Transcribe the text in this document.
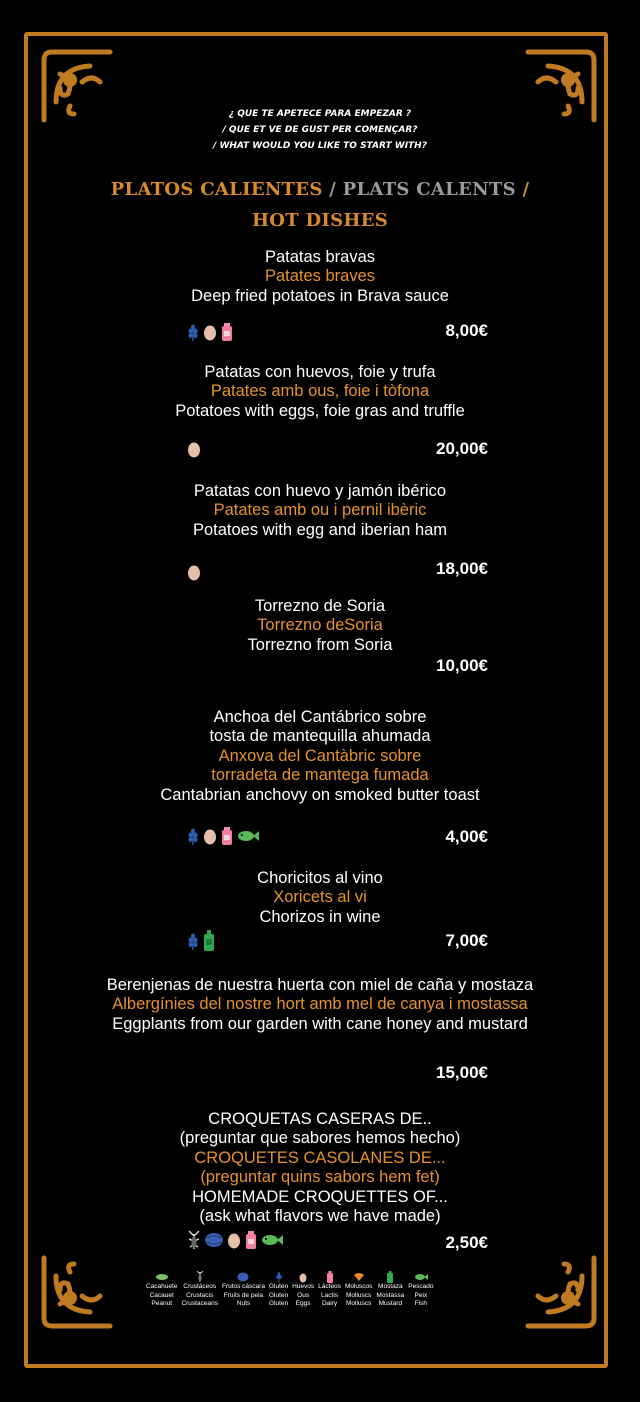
¿ QUE TE APETECE PARA EMPEZAR ?
/ QUE ET VE DE GUST PER COMENÇAR?
/ WHAT WOULD YOU LIKE TO START WITH?
PLATOS CALIENTES / PLATS CALENTS / HOT DISHES
Patatas bravas
Patates braves
Deep fried potatoes in Brava sauce
8,00€
Patatas con huevos, foie y trufa
Patates amb ous, foie i tòfona
Potatoes with eggs, foie gras and truffle
20,00€
Patatas con huevo y jamón ibérico
Patates amb ou i pernil ibèric
Potatoes with egg and iberian ham
18,00€
Torrezno de Soria
Torrezno deSoria
Torrezno from Soria
10,00€
Anchoa del Cantábrico sobre
tosta de mantequilla ahumada
Anxova del Cantàbric sobre
torradeta de mantega fumada
Cantabrian anchovy on smoked butter toast
4,00€
Choricitos al vino
Xoricets al vi
Chorizos in wine
7,00€
Berenjenas de nuestra huerta con miel de caña y mostaza
Albergínies del nostre hort amb mel de canya i mostassa
Eggplants from our garden with cane honey and mustard
15,00€
CROQUETAS CASERAS DE..
(preguntar que sabores hemos hecho)
CROQUETES CASOLANES DE...
(preguntar quins sabors hem fet)
HOMEMADE CROQUETTES OF...
(ask what flavors we have made)
2,50€
Cacahuete
Cacauet
Peanut
Crustáceos
Crustacis
Crustaceans
Frutos cáscara
Fruits de pela
Nuts
Gluten
Gluten
Gluten
Huevos
Ous
Eggs
Lácteos
Lactis
Dairy
Moluscos
Molluscs
Molluscs
Mostaza
Mostassa
Mustard
Pescado
Peix
Fish
